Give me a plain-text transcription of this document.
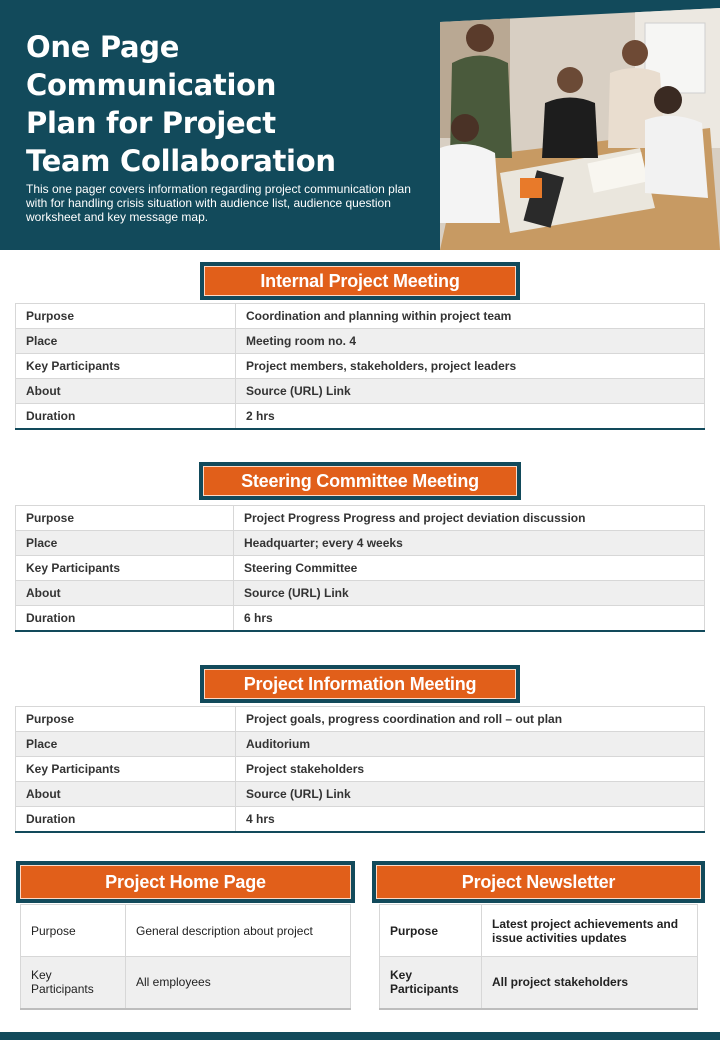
One Page
Communication
Plan for Project
Team Collaboration
This one pager covers information regarding project communication plan with for handling crisis situation with audience list, audience question worksheet and key message map.
Internal Project Meeting
Purpose	Coordination and planning within project team
Place	Meeting room no. 4
Key Participants	Project members, stakeholders, project leaders
About	Source (URL) Link
Duration	2 hrs
Steering Committee Meeting
Purpose	Project Progress Progress and project deviation discussion
Place	Headquarter; every 4 weeks
Key Participants	Steering Committee
About	Source (URL) Link
Duration	6 hrs
Project Information Meeting
Purpose	Project goals, progress coordination and roll – out plan
Place	Auditorium
Key Participants	Project stakeholders
About	Source (URL) Link
Duration	4 hrs
Project Home Page
Purpose	General description about project
Key Participants	All employees
Project Newsletter
Purpose	Latest project achievements and issue activities updates
Key Participants	All project stakeholders
